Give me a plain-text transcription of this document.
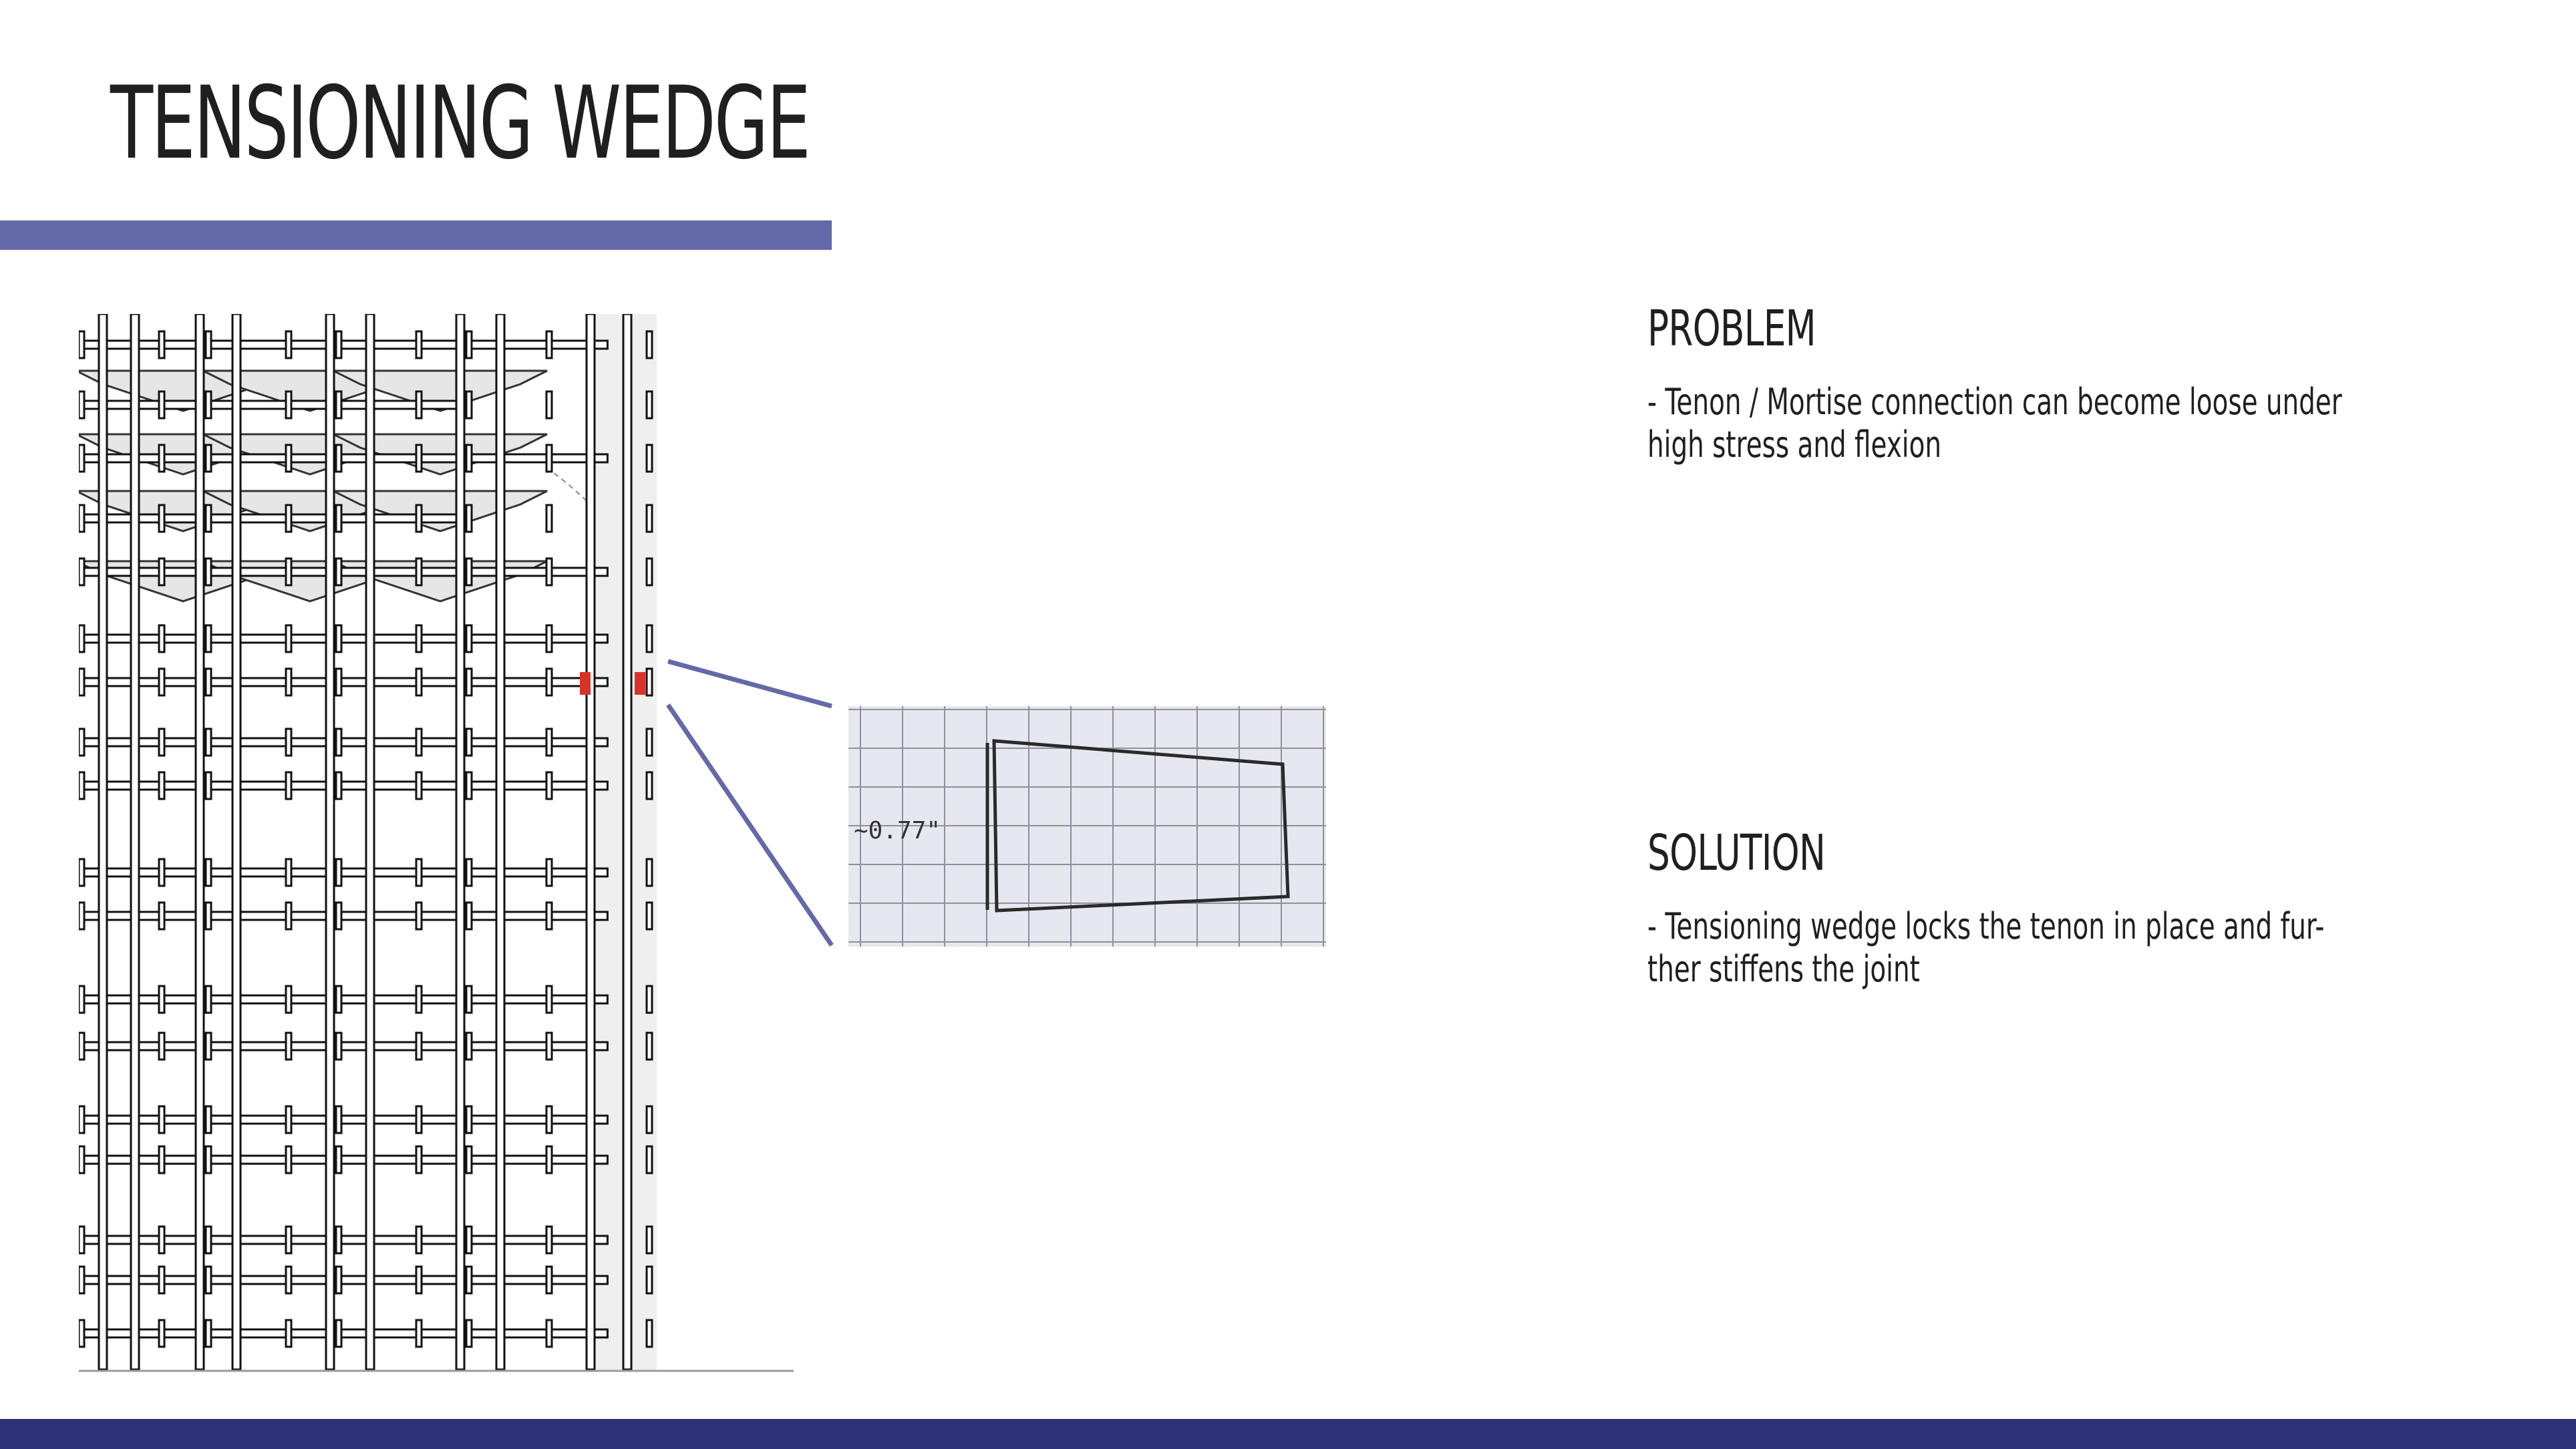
TENSIONING WEDGE
~0.77"
PROBLEM
- Tenon / Mortise connection can become loose under high stress and flexion
SOLUTION
- Tensioning wedge locks the tenon in place and fur-ther stiffens the joint
